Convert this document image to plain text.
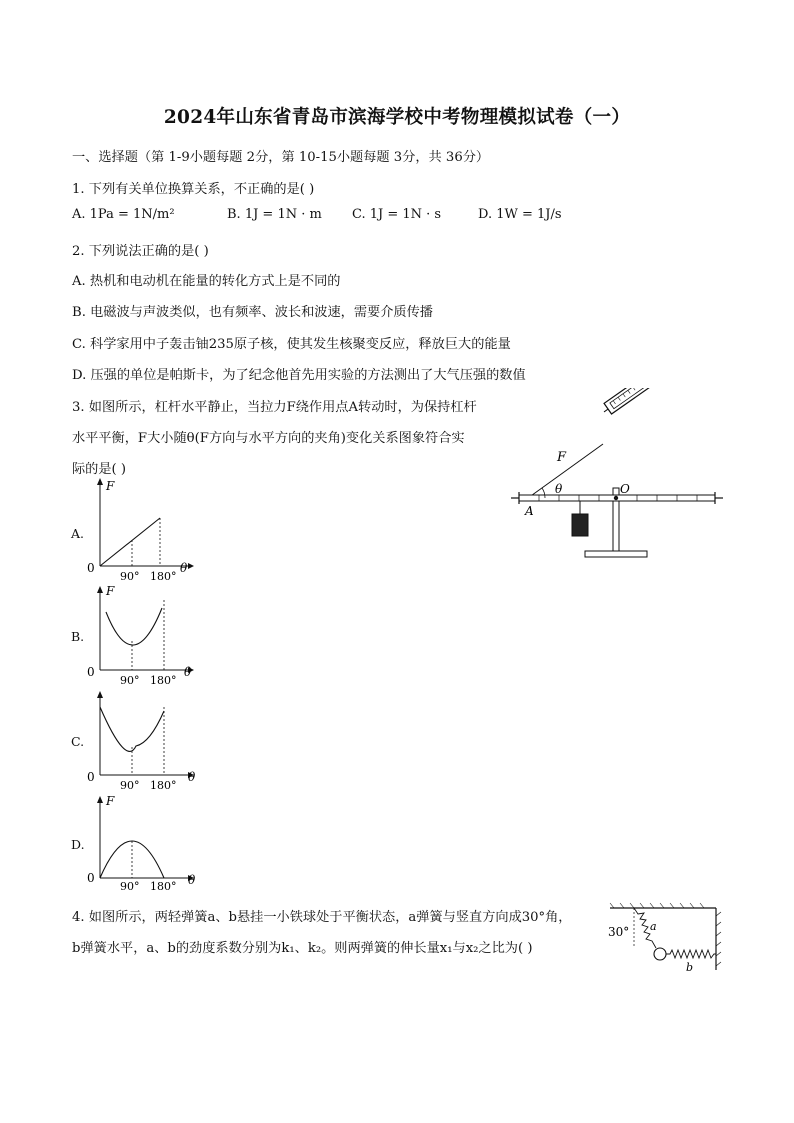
2024年山东省青岛市滨海学校中考物理模拟试卷（一）
一、选择题（第 1-9小题每题 2分，第 10-15小题每题 3分，共 36分）
1. 下列有关单位换算关系，不正确的是( )
A. 1Pa = 1N/m²	B. 1J = 1N · m C. 1J = 1N · s	D. 1W = 1J/s
2. 下列说法正确的是( )
A. 热机和电动机在能量的转化方式上是不同的
B. 电磁波与声波类似，也有频率、波长和波速，需要介质传播
C. 科学家用中子轰击铀235原子核，使其发生核聚变反应，释放巨大的能量
D. 压强的单位是帕斯卡，为了纪念他首先用实验的方法测出了大气压强的数值
3. 如图所示，杠杆水平静止，当拉力F绕作用点A转动时，为保持杠杆
水平平衡，F大小随θ(F方向与水平方向的夹角)变化关系图象符合实
际的是( )
F
θ
A
O
A.
B.
C.
D.
F
0	θ
90° 180°
F
0	θ
90° 180°
0	θ
90° 180°
F
0	θ
90° 180°
4. 如图所示，两轻弹簧a、b悬挂一小铁球处于平衡状态，a弹簧与竖直方向成30°角，
b弹簧水平，a、b的劲度系数分别为k₁、k₂。则两弹簧的伸长量x₁与x₂之比为( )
30° a
b
